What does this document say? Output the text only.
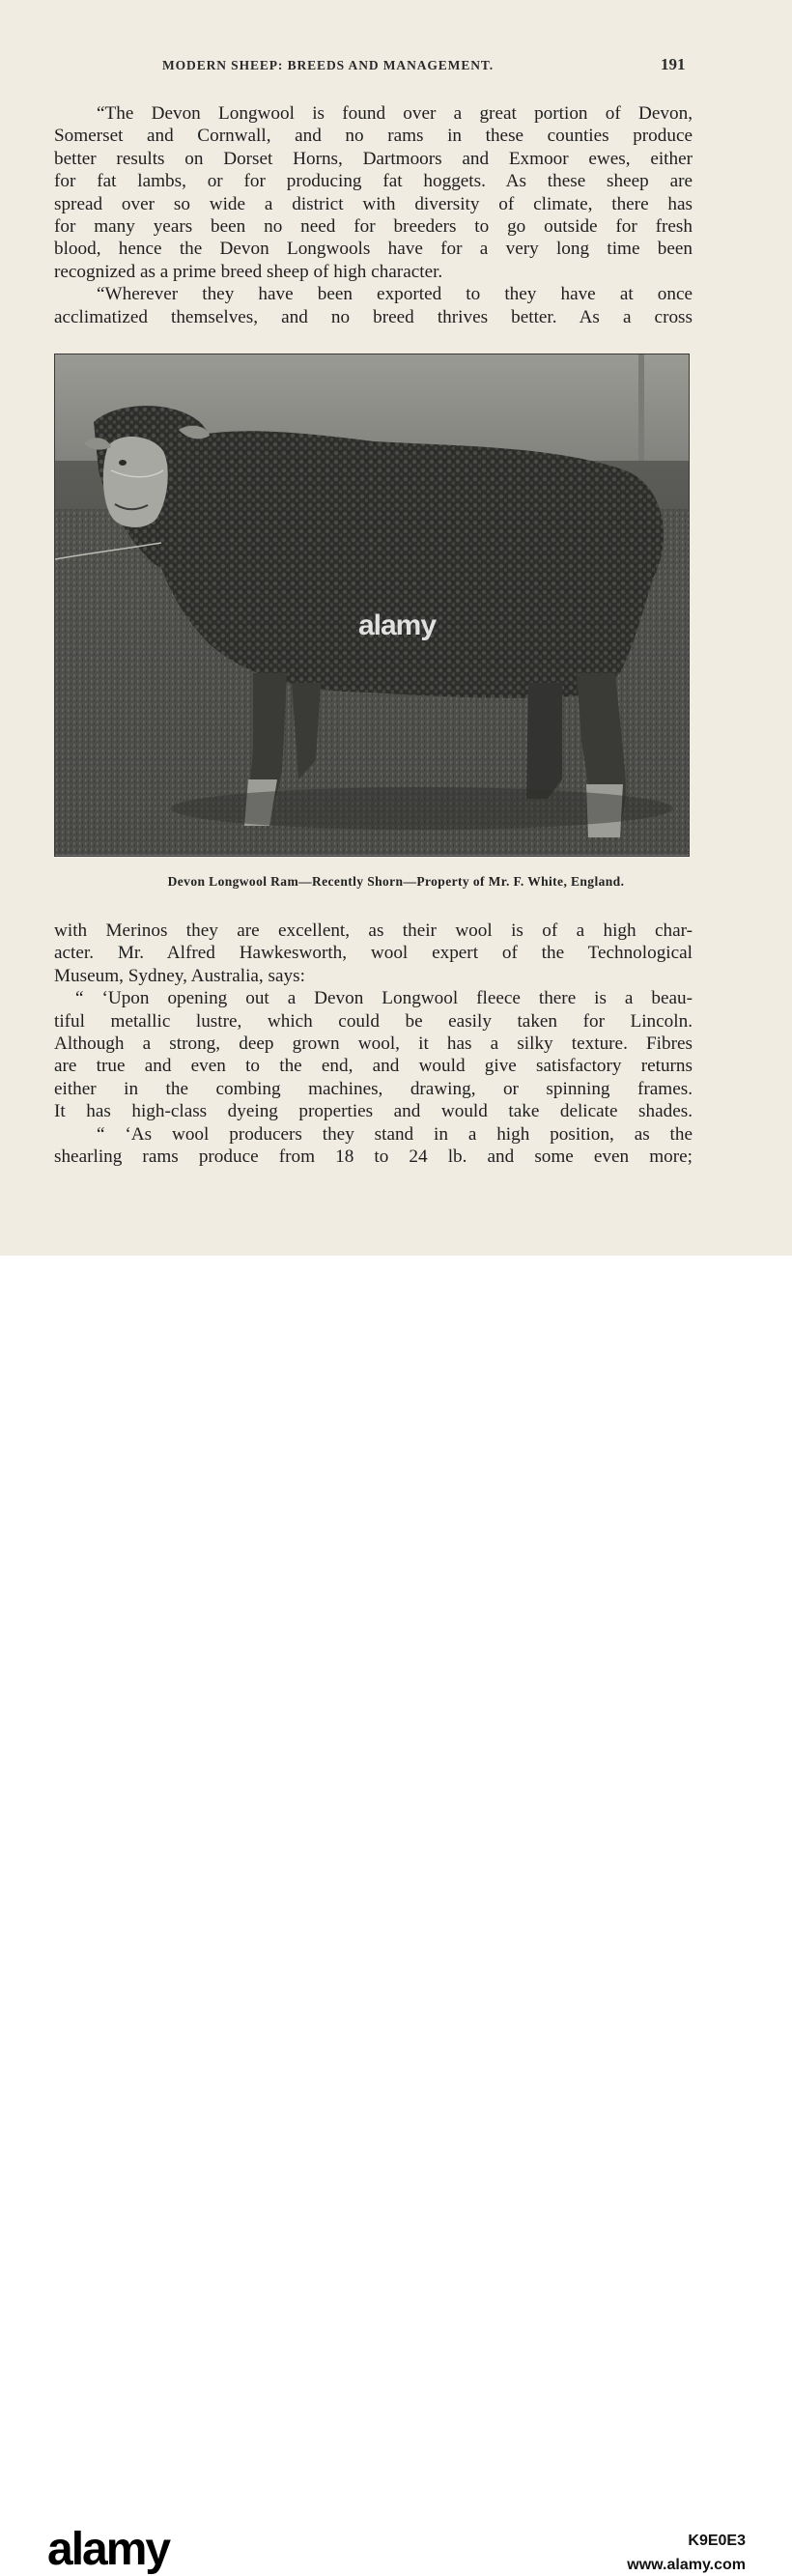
MODERN SHEEP: BREEDS AND MANAGEMENT.	191
“The Devon Longwool is found over a great portion of Devon,
Somerset and Cornwall, and no rams in these counties produce
better results on Dorset Horns, Dartmoors and Exmoor ewes, either
for fat lambs, or for producing fat hoggets. As these sheep are
spread over so wide a district with diversity of climate, there has
for many years been no need for breeders to go outside for fresh
blood, hence the Devon Longwools have for a very long time been
recognized as a prime breed sheep of high character.
“Wherever they have been exported to they have at once
acclimatized themselves, and no breed thrives better. As a cross
alamy
Devon Longwool Ram—Recently Shorn—Property of Mr. F. White, England.
with Merinos they are excellent, as their wool is of a high char-
acter. Mr. Alfred Hawkesworth, wool expert of the Technological
Museum, Sydney, Australia, says:
“ ‘Upon opening out a Devon Longwool fleece there is a beau-
tiful metallic lustre, which could be easily taken for Lincoln.
Although a strong, deep grown wool, it has a silky texture. Fibres
are true and even to the end, and would give satisfactory returns
either in the combing machines, drawing, or spinning frames.
It has high-class dyeing properties and would take delicate shades.
“ ‘As wool producers they stand in a high position, as the
shearling rams produce from 18 to 24 lb. and some even more;
alamy	K9E0E3
www.alamy.com
